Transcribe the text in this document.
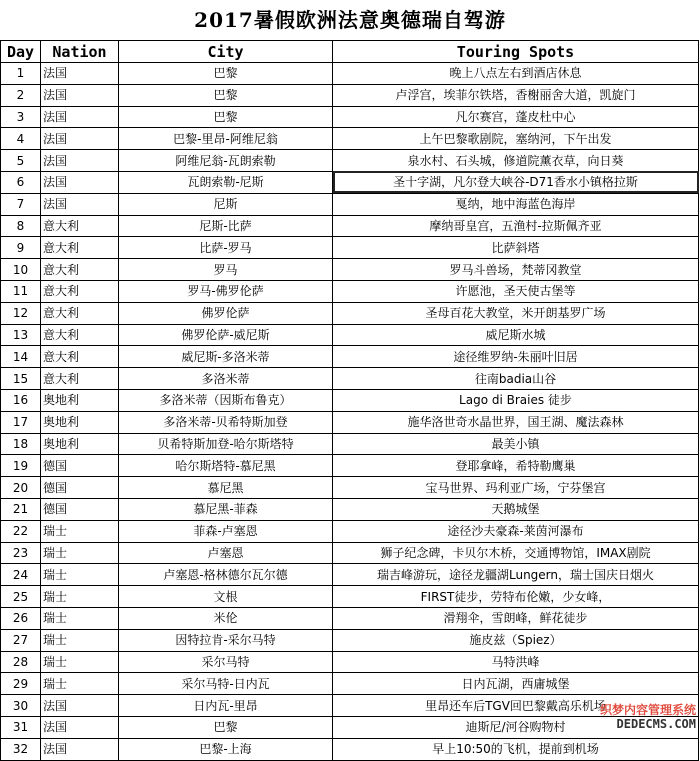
2017暑假欧洲法意奥德瑞自驾游
Day	Nation	City	Touring Spots
1	法国	巴黎	晚上八点左右到酒店休息
2	法国	巴黎	卢浮宫，埃菲尔铁塔，香榭丽舍大道，凯旋门
3	法国	巴黎	凡尔赛宫，蓬皮杜中心
4	法国	巴黎-里昂-阿维尼翁	上午巴黎歌剧院，塞纳河，下午出发
5	法国	阿维尼翁-瓦朗索勒	泉水村、石头城，修道院薰衣草，向日葵
6	法国	瓦朗索勒-尼斯	圣十字湖，凡尔登大峡谷-D71香水小镇格拉斯
7	法国	尼斯	戛纳，地中海蓝色海岸
8	意大利	尼斯-比萨	摩纳哥皇宫，五渔村-拉斯佩齐亚
9	意大利	比萨-罗马	比萨斜塔
10	意大利	罗马	罗马斗兽场，梵蒂冈教堂
11	意大利	罗马-佛罗伦萨	许愿池，圣天使古堡等
12	意大利	佛罗伦萨	圣母百花大教堂，米开朗基罗广场
13	意大利	佛罗伦萨-威尼斯	威尼斯水城
14	意大利	威尼斯-多洛米蒂	途径维罗纳-朱丽叶旧居
15	意大利	多洛米蒂	往南badia山谷
16	奥地利	多洛米蒂（因斯布鲁克）	Lago di Braies 徒步
17	奥地利	多洛米蒂-贝希特斯加登	施华洛世奇水晶世界，国王湖、魔法森林
18	奥地利	贝希特斯加登-哈尔斯塔特	最美小镇
19	德国	哈尔斯塔特-慕尼黑	登耶拿峰，希特勒鹰巢
20	德国	慕尼黑	宝马世界、玛利亚广场，宁芬堡宫
21	德国	慕尼黑-菲森	天鹅城堡
22	瑞士	菲森-卢塞恩	途径沙夫豪森-莱茵河瀑布
23	瑞士	卢塞恩	狮子纪念碑，卡贝尔木桥，交通博物馆，IMAX剧院
24	瑞士	卢塞恩-格林德尔瓦尔德	瑞吉峰游玩，途径龙疆湖Lungern，瑞士国庆日烟火
25	瑞士	文根	FIRST徒步，劳特布伦嫩，少女峰，
26	瑞士	米伦	滑翔伞，雪朗峰，鲜花徒步
27	瑞士	因特拉肯-采尔马特	施皮兹（Spiez）
28	瑞士	采尔马特	马特洪峰
29	瑞士	采尔马特-日内瓦	日内瓦湖，西庸城堡
30	法国	日内瓦-里昂	里昂还车后TGV回巴黎戴高乐机场
31	法国	巴黎	迪斯尼/河谷购物村
32	法国	巴黎-上海	早上10:50的飞机，提前到机场
织梦内容管理系统
DEDECMS.COM
